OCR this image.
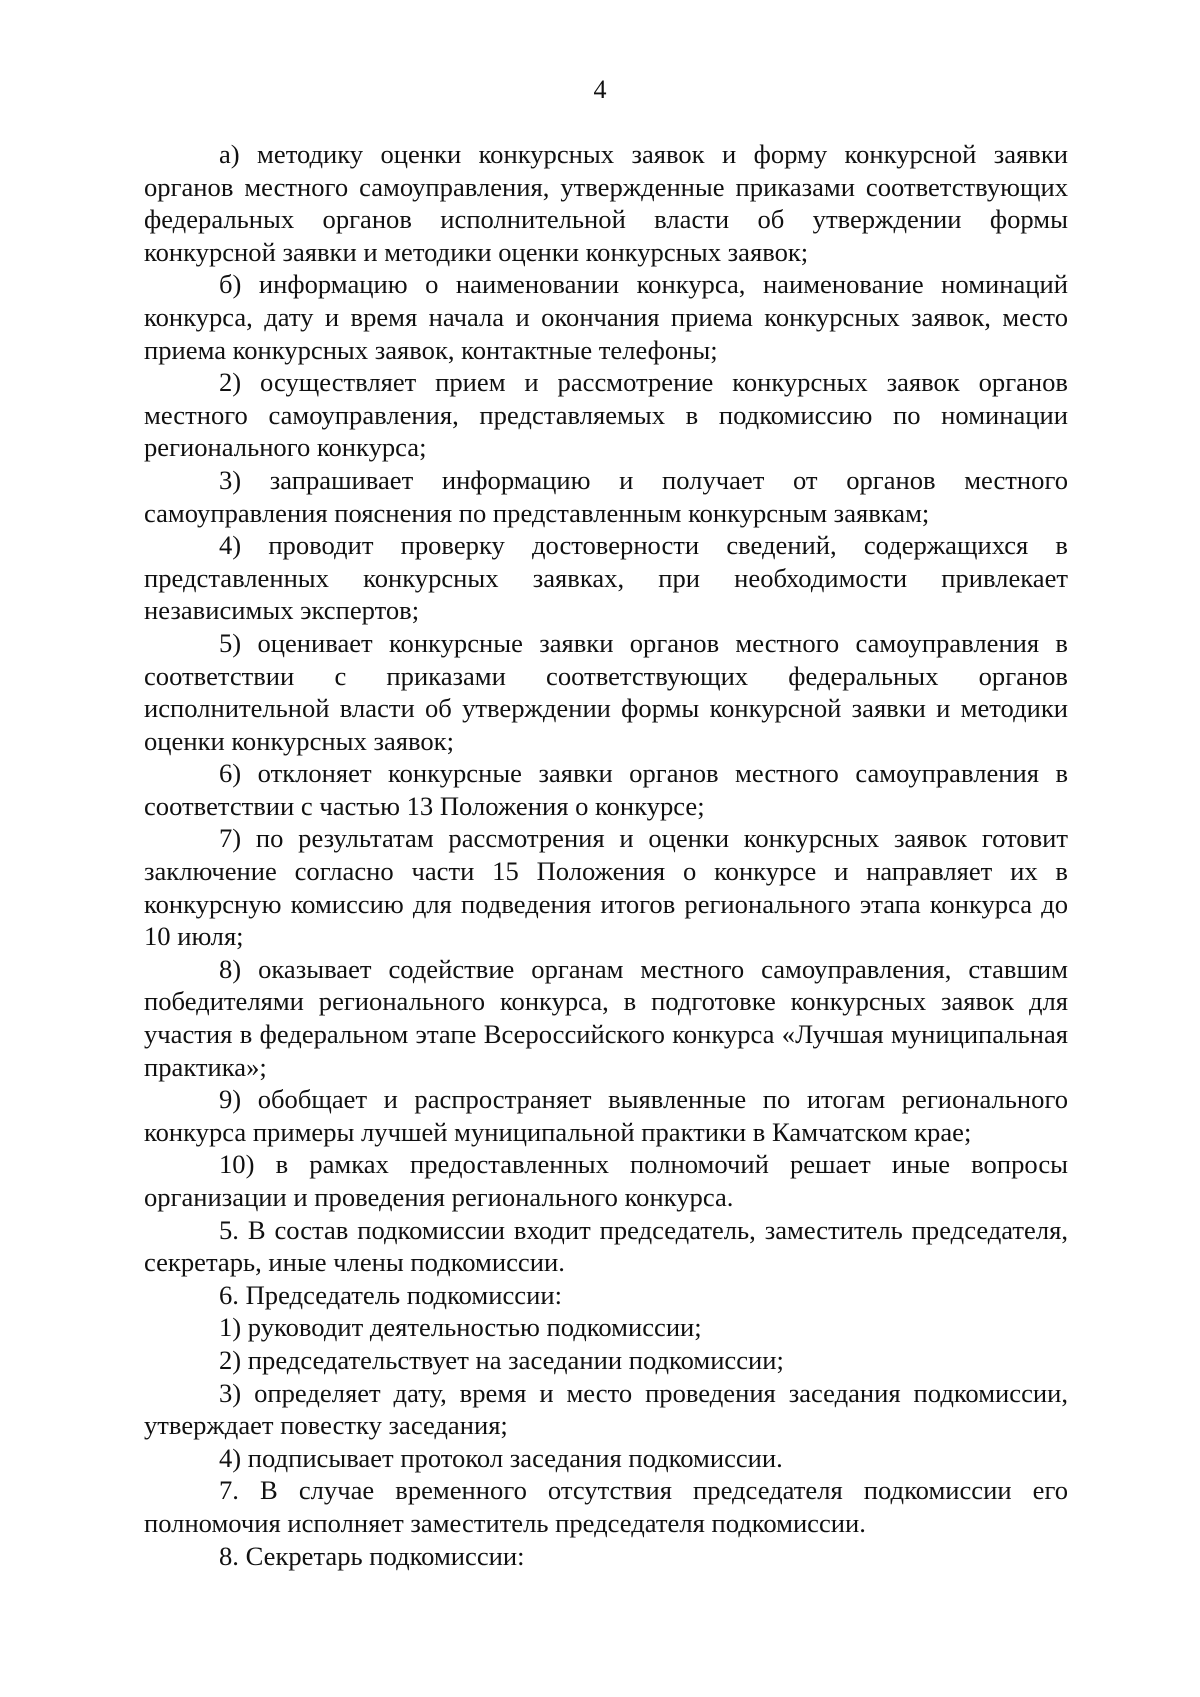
4

а) методику оценки конкурсных заявок и форму конкурсной заявки органов местного самоуправления, утвержденные приказами соответствующих федеральных органов исполнительной власти об утверждении формы конкурсной заявки и методики оценки конкурсных заявок;

б) информацию о наименовании конкурса, наименование номинаций конкурса, дату и время начала и окончания приема конкурсных заявок, место приема конкурсных заявок, контактные телефоны;

2) осуществляет прием и рассмотрение конкурсных заявок органов местного самоуправления, представляемых в подкомиссию по номинации регионального конкурса;

3) запрашивает информацию и получает от органов местного самоуправления пояснения по представленным конкурсным заявкам;

4) проводит проверку достоверности сведений, содержащихся в представленных конкурсных заявках, при необходимости привлекает независимых экспертов;

5) оценивает конкурсные заявки органов местного самоуправления в соответствии с приказами соответствующих федеральных органов исполнительной власти об утверждении формы конкурсной заявки и методики оценки конкурсных заявок;

6) отклоняет конкурсные заявки органов местного самоуправления в соответствии с частью 13 Положения о конкурсе;

7) по результатам рассмотрения и оценки конкурсных заявок готовит заключение согласно части 15 Положения о конкурсе и направляет их в конкурсную комиссию для подведения итогов регионального этапа конкурса до 10 июля;

8) оказывает содействие органам местного самоуправления, ставшим победителями регионального конкурса, в подготовке конкурсных заявок для участия в федеральном этапе Всероссийского конкурса «Лучшая муниципальная практика»;

9) обобщает и распространяет выявленные по итогам регионального конкурса примеры лучшей муниципальной практики в Камчатском крае;

10) в рамках предоставленных полномочий решает иные вопросы организации и проведения регионального конкурса.

5. В состав подкомиссии входит председатель, заместитель председателя, секретарь, иные члены подкомиссии.

6. Председатель подкомиссии:

1) руководит деятельностью подкомиссии;

2) председательствует на заседании подкомиссии;

3) определяет дату, время и место проведения заседания подкомиссии, утверждает повестку заседания;

4) подписывает протокол заседания подкомиссии.

7. В случае временного отсутствия председателя подкомиссии его полномочия исполняет заместитель председателя подкомиссии.

8. Секретарь подкомиссии:
